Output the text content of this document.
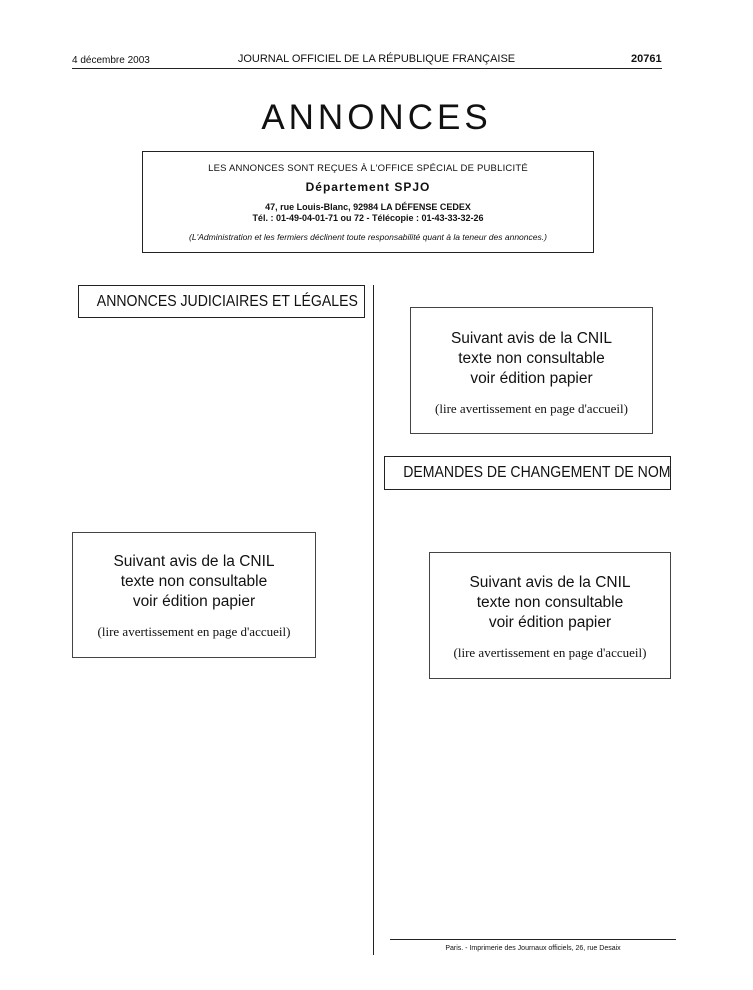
4 décembre 2003	JOURNAL OFFICIEL DE LA RÉPUBLIQUE FRANÇAISE	20761
ANNONCES
LES ANNONCES SONT REÇUES À L'OFFICE SPÉCIAL DE PUBLICITÉ
Département SPJO
47, rue Louis-Blanc, 92984 LA DÉFENSE CEDEX
Tél. : 01-49-04-01-71 ou 72 - Télécopie : 01-43-33-32-26
(L'Administration et les fermiers déclinent toute responsabilité quant à la teneur des annonces.)
ANNONCES JUDICIAIRES ET LÉGALES
DEMANDES DE CHANGEMENT DE NOM
Suivant avis de la CNIL
texte non consultable
voir édition papier
(lire avertissement en page d'accueil)
Suivant avis de la CNIL
texte non consultable
voir édition papier
(lire avertissement en page d'accueil)
Suivant avis de la CNIL
texte non consultable
voir édition papier
(lire avertissement en page d'accueil)
Paris. - Imprimerie des Journaux officiels, 26, rue Desaix
